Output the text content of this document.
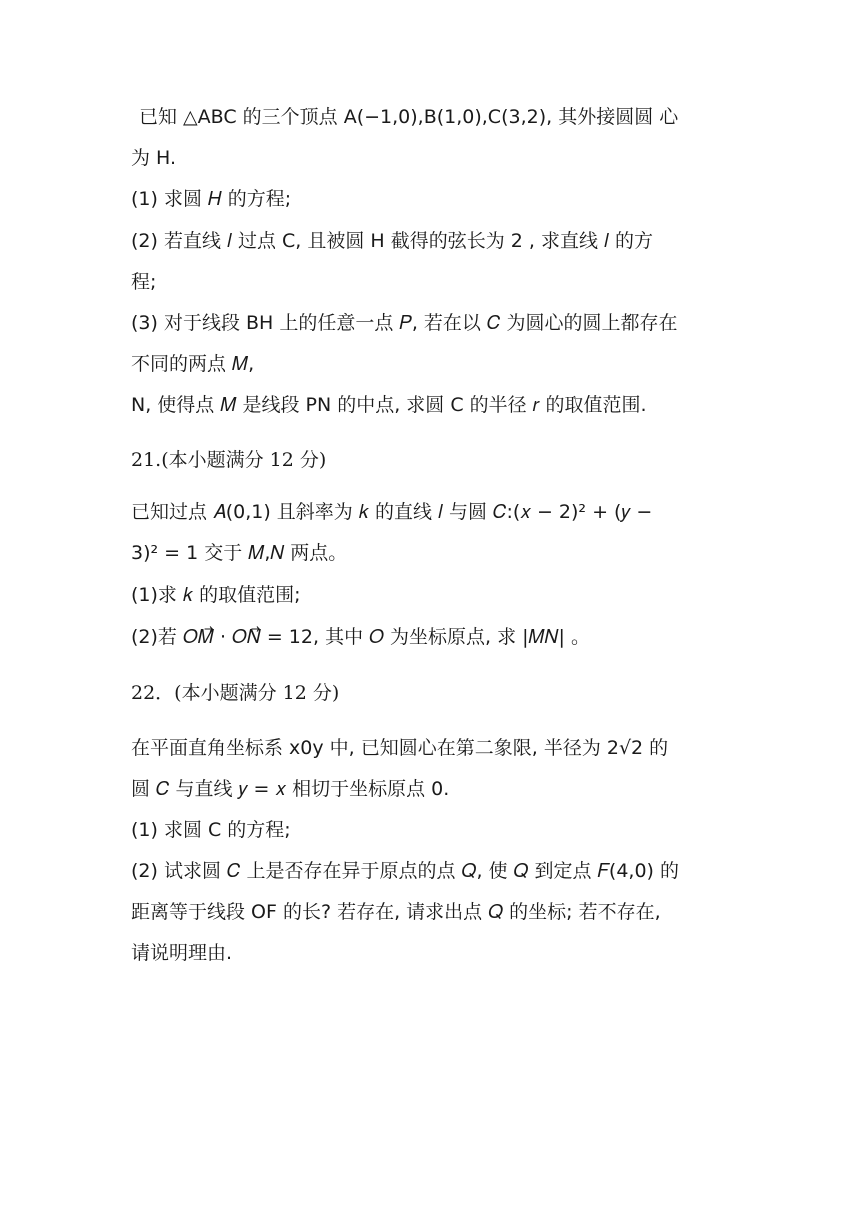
已知 △ABC 的三个顶点 A(−1,0),B(1,0),C(3,2), 其外接圆圆 心
为 H.
(1) 求圆 𝐻 的方程;
(2) 若直线 𝑙 过点 C, 且被圆 H 截得的弦长为 2 , 求直线 𝑙 的方
程;
(3) 对于线段 BH 上的任意一点 𝑃, 若在以 𝐶 为圆心的圆上都存在
不同的两点 𝑀,
N, 使得点 𝑀 是线段 PN 的中点, 求圆 C 的半径 𝑟 的取值范围.
21.(本小题满分 12 分)
已知过点 𝐴(0,1) 且斜率为 𝑘 的直线 𝑙 与圆 𝐶:(𝑥 − 2)² + (𝑦 −
3)² = 1 交于 𝑀,𝑁 两点。
(1)求 𝑘 的取值范围;
(2)若 𝑂𝑀⃗ ⋅ 𝑂𝑁⃗ = 12, 其中 𝑂 为坐标原点, 求 |𝑀𝑁| 。
22．(本小题满分 12 分)
在平面直角坐标系 x0y 中, 已知圆心在第二象限, 半径为 2√2 的
圆 𝐶 与直线 𝑦 = 𝑥 相切于坐标原点 0.
(1) 求圆 C 的方程;
(2) 试求圆 𝐶 上是否存在异于原点的点 𝑄, 使 𝑄 到定点 𝐹(4,0) 的
距离等于线段 OF 的长? 若存在, 请求出点 𝑄 的坐标; 若不存在,
请说明理由.
